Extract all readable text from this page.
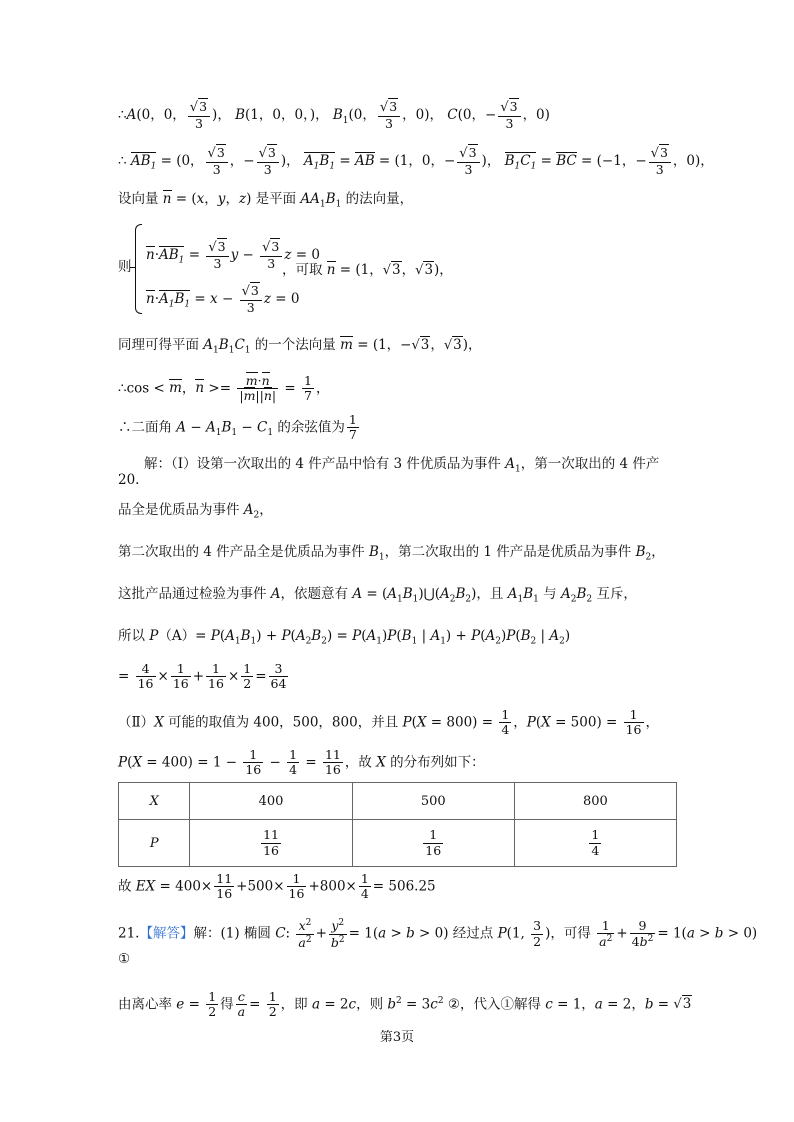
∴A(0，0， $\frac{√3}{3}$ )， B(1，0，0，)， $B_1(0$， $\frac{√3}{3}$ ，0)， C(0，− $\frac{√3}{3}$ ，0)
∴ $AB_1 = (0$， $\frac{√3}{3}$ ，− $\frac{√3}{3}$ )， $A_1B_1$ = AB = (1，0，− $\frac{√3}{3}$ )， $B_1C_1$ = BC = (−1，− $\frac{√3}{3}$ ，0)，
设向量 n = (x，y，z) 是平面 $AA_1B_1$ 的法向量，
则
$n\cdot AB_1 = \frac{√3}{3}$ $y - \frac{√3}{3}$ z = 0
$n\cdot A_1B_1 = x - \frac{√3}{3}$ z = 0
，可取 n = (1，√3，√3)，
同理可得平面 $A_1B_1C_1$ 的一个法向量 m = (1，−√3，√3)，
∴cos < m，$n >= \frac{m\cdot n}{|m||n|} = \frac{1}{7}$ ，
∴二面角 $A - A_1B_1 - C_1$ 的余弦值为 $\frac{1}{7}$
解：（Ⅰ）设第一次取出的 4 件产品中恰有 3 件优质品为事件 $A_1$，第一次取出的 4 件产
20.
品全是优质品为事件 $A_2$，
第二次取出的 4 件产品全是优质品为事件 $B_1$，第二次取出的 1 件产品是优质品为事件 $B_2$，
这批产品通过检验为事件 A，依题意有 $A = (A_1B_1)⋃(A_2B_2)$，且 $A_1B_1$ 与 $A_2B_2$ 互斥，
所以 $P(A)= P(A_1B_1) + P(A_2B_2) = P(A_1)P(B_1$ | $A_1) + P(A_2)P(B_2$ | $A_2$)
= $\frac{4}{16} \times \frac{1}{16} + \frac{1}{16} \times \frac{1}{2} = \frac{3}{64}$
（Ⅱ）X 可能的取值为 400，500，800，并且 $P(X = 800) = \frac{1}{4}$ ，$P(X = 500) = \frac{1}{16}$ ，
$P(X = 400) = 1 - \frac{1}{16} - \frac{1}{4} = \frac{11}{16}$ ，故 X 的分布列如下：
X	400	500	800
P	$\frac{11}{16}$	$\frac{1}{16}$	$\frac{1}{4}$
故 EX = $400\times \frac{11}{16} +500\times \frac{1}{16} +800\times \frac{1}{4} = 506.25$
21.【解答】解：(1) 椭圆 C: $\frac{x^2}{a^2} + \frac{y^2}{b^2} = 1(a > b > 0)$ 经过点 P(1, $\frac{3}{2}$ )，可得 $\frac{1}{a^2} + \frac{9}{4b^2} = 1(a > b > 0)$
①
由离心率 $e = \frac{1}{2}$ 得 $\frac{c}{a} = \frac{1}{2}$ ，即 a = 2c，则 $b^2 = 3c^2$ ②，代入①解得 c = 1，a = 2，b = √3
第3页
